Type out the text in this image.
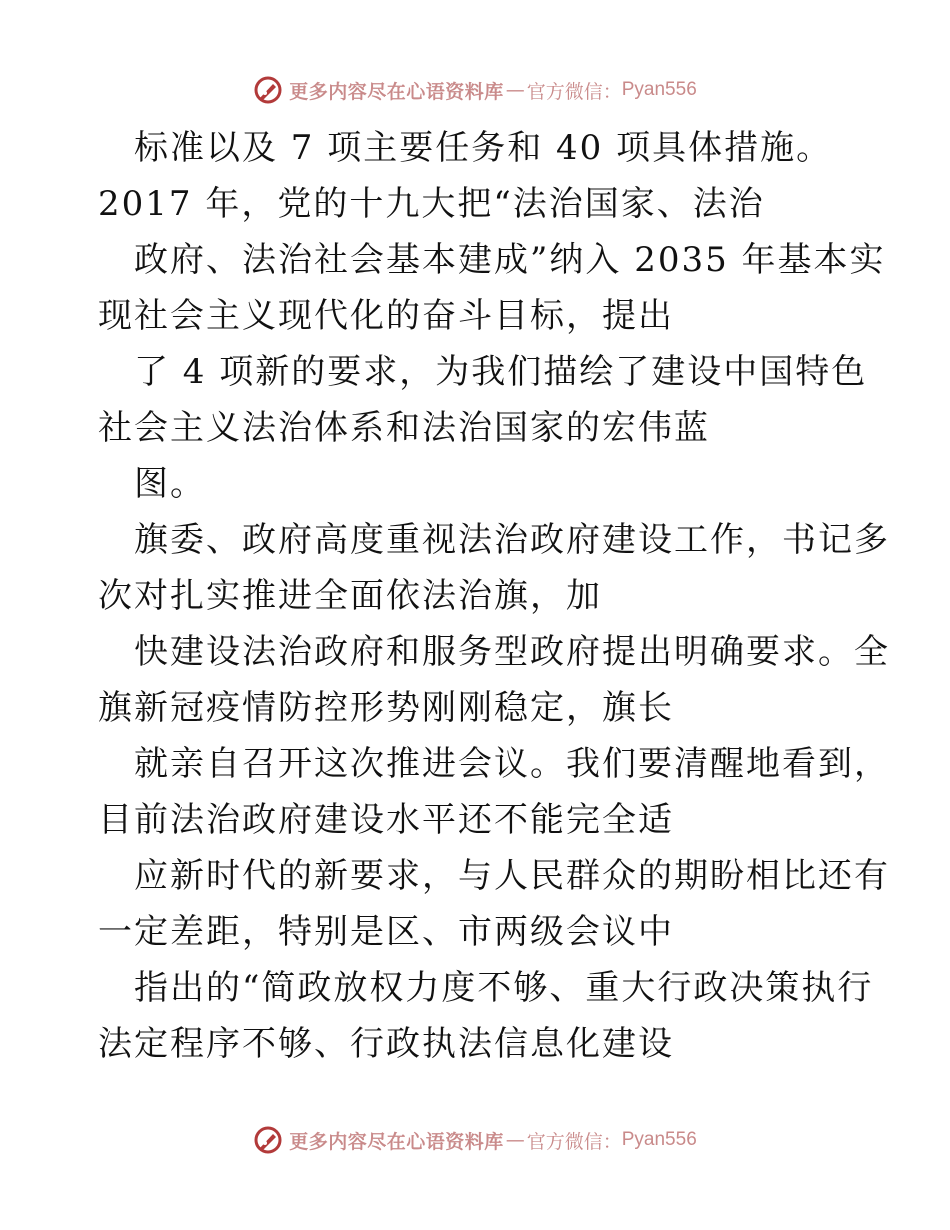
更多内容尽在心语资料库 — 官方微信： Pyan556
标准以及 7 项主要任务和 40 项具体措施。
2017 年，党的十九大把“法治国家、法治
政府、法治社会基本建成”纳入 2035 年基本实
现社会主义现代化的奋斗目标，提出
了 4 项新的要求，为我们描绘了建设中国特色
社会主义法治体系和法治国家的宏伟蓝
图。
旗委、政府高度重视法治政府建设工作，书记多
次对扎实推进全面依法治旗，加
快建设法治政府和服务型政府提出明确要求。全
旗新冠疫情防控形势刚刚稳定，旗长
就亲自召开这次推进会议。我们要清醒地看到，
目前法治政府建设水平还不能完全适
应新时代的新要求，与人民群众的期盼相比还有
一定差距，特别是区、市两级会议中
指出的“简政放权力度不够、重大行政决策执行
法定程序不够、行政执法信息化建设
更多内容尽在心语资料库 — 官方微信： Pyan556
